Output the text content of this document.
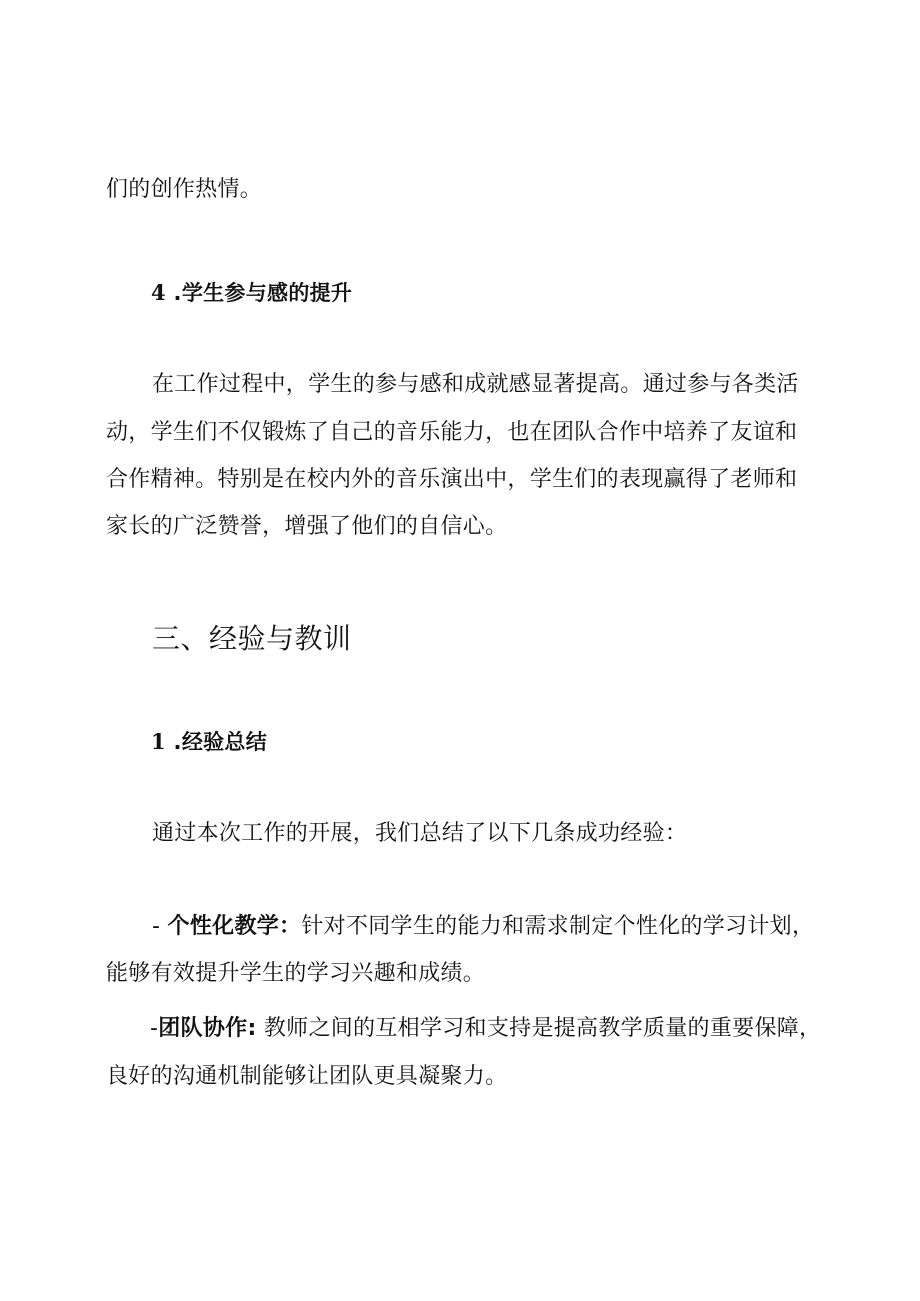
们的创作热情。
4 .学生参与感的提升
在工作过程中，学生的参与感和成就感显著提高。通过参与各类活
动，学生们不仅锻炼了自己的音乐能力，也在团队合作中培养了友谊和
合作精神。特别是在校内外的音乐演出中，学生们的表现赢得了老师和
家长的广泛赞誉，增强了他们的自信心。
三、经验与教训
1 .经验总结
通过本次工作的开展，我们总结了以下几条成功经验：
- 个性化教学：针对不同学生的能力和需求制定个性化的学习计划，
能够有效提升学生的学习兴趣和成绩。
-团队协作: 教师之间的互相学习和支持是提高教学质量的重要保障，
良好的沟通机制能够让团队更具凝聚力。
